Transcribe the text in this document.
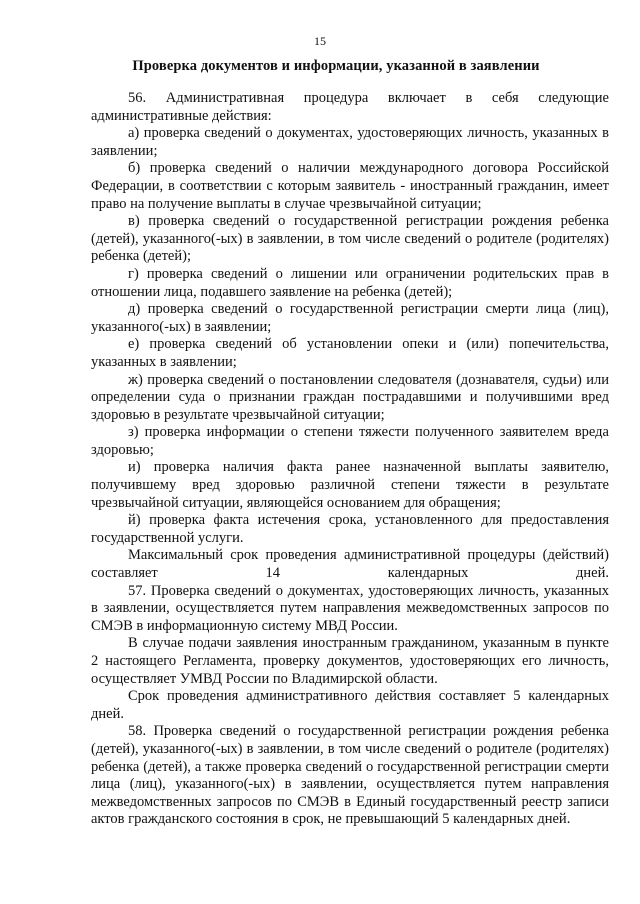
15
Проверка документов и информации, указанной в заявлении

56. Административная процедура включает в себя следующие административные действия:

а) проверка сведений о документах, удостоверяющих личность, указанных в заявлении;

б) проверка сведений о наличии международного договора Российской Федерации, в соответствии с которым заявитель - иностранный гражданин, имеет право на получение выплаты в случае чрезвычайной ситуации;

в) проверка сведений о государственной регистрации рождения ребенка (детей), указанного(-ых) в заявлении, в том числе сведений о родителе (родителях) ребенка (детей);

г) проверка сведений о лишении или ограничении родительских прав в отношении лица, подавшего заявление на ребенка (детей);

д) проверка сведений о государственной регистрации смерти лица (лиц), указанного(-ых) в заявлении;

е) проверка сведений об установлении опеки и (или) попечительства, указанных в заявлении;

ж) проверка сведений о постановлении следователя (дознавателя, судьи) или определении суда о признании граждан пострадавшими и получившими вред здоровью в результате чрезвычайной ситуации;

з) проверка информации о степени тяжести полученного заявителем вреда здоровью;

и) проверка наличия факта ранее назначенной выплаты заявителю, получившему вред здоровью различной степени тяжести в результате чрезвычайной ситуации, являющейся основанием для обращения;

й) проверка факта истечения срока, установленного для предоставления государственной услуги.

Максимальный срок проведения административной процедуры (действий) составляет 14 календарных дней.

57. Проверка сведений о документах, удостоверяющих личность, указанных в заявлении, осуществляется путем направления межведомственных запросов по СМЭВ в информационную систему МВД России.

В случае подачи заявления иностранным гражданином, указанным в пункте 2 настоящего Регламента, проверку документов, удостоверяющих его личность, осуществляет УМВД России по Владимирской области.

Срок проведения административного действия составляет 5 календарных дней.

58. Проверка сведений о государственной регистрации рождения ребенка (детей), указанного(-ых) в заявлении, в том числе сведений о родителе (родителях) ребенка (детей), а также проверка сведений о государственной регистрации смерти лица (лиц), указанного(-ых) в заявлении, осуществляется путем направления межведомственных запросов по СМЭВ в Единый государственный реестр записи актов гражданского состояния в срок, не превышающий 5 календарных дней.
